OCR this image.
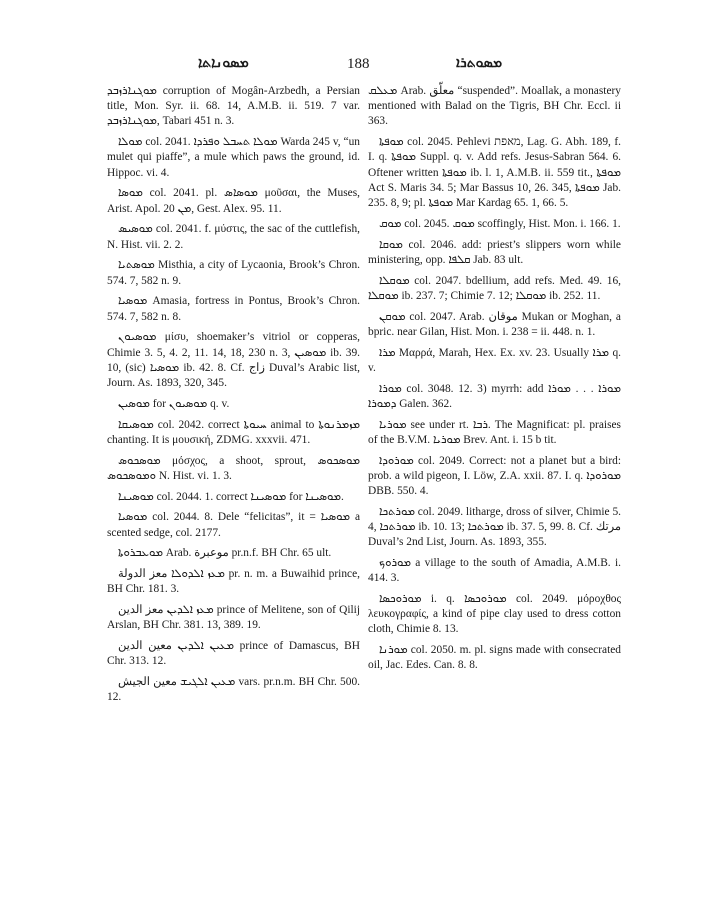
ܡܣܘܢܐܬܐ	188	ܡܣܘܬܪܐ

ܡܘܓܢܐܪܙܒܕ corruption of Mogân-Arzbedh, a Persian title, Mon. Syr. ii. 68. 14, A.M.B. ii. 519. 7 var. ܡܘܓܢܐܪܙܒܕ, Tabari 451 n. 3.

ܡܘܠܐ col. 2041. ܡܘܠܐ ܬܚܒܠ ܘܦܪܕܐ Warda 245 v, “un mulet qui piaffe”, a mule which paws the ground, id. Hippoc. vi. 4.

ܡܘܣܐ col. 2041. pl. ܡܘܣܐܣ μοῦσαι, the Muses, Arist. Apol. ܡܢ 20, Gest. Alex. 95. 11.

ܡܘܣܝܣ col. 2041. f. μύστις, the sac of the cuttlefish, N. Hist. vii. 2. 2.

ܡܘܣܬܝܐ Misthia, a city of Lycaonia, Brook’s Chron. 574. 7, 582 n. 9.

ܡܘܣܝܐ Amasia, fortress in Pontus, Brook’s Chron. 574. 7, 582 n. 8.

ܡܘܣܝܘܢ μίσυ, shoemaker’s vitriol or copperas, Chimie 3. 5, 4. 2, 11. 14, 18, 230 n. 3, ܡܘܣܝܢ ib. 39. 10, (sic) ܡܘܣܝܐ ib. 42. 8. Cf. زاج Duval’s Arabic list, Journ. As. 1893, 320, 345.

ܡܘܣܝܢ for ܡܘܣܝܘܢ q. v.

ܡܘܣܝܩܐ col. 2042. correct ܚܝܘܬܐ animal to ܡܙܡܪܢܘܬܐ chanting. It is μουσική, ZDMG. xxxvii. 471.

ܡܘܣܟܘܣ μόσχος, a shoot, sprout, ܡܘܣܟܘܣ ܘܡܘܣܟܘܣ N. Hist. vi. 1. 3.

ܡܘܣܝܢܐ col. 2044. 1. correct ܡܘܣܝܢܐ for ܡܘܣܝܢܐ.

ܡܘܣܝܐ col. 2044. 8. Dele “felicitas”, it = ܡܘܣܝܐ a scented sedge, col. 2177.

ܡܘܥܒܪܘܬܐ Arab. موعبرة pr.n.f. BH Chr. 65 ult.

ܡܥܙ ܐܠܕܘܠܐ معز الدولة pr. n. m. a Buwaihid prince, BH Chr. 181. 3.

ܡܥܙ ܐܠܕܝܢ معز الدين prince of Melitene, son of Qilij Arslan, BH Chr. 381. 13, 389. 19.

ܡܥܝܢ ܐܠܕܝܢ معين الدين prince of Damascus, BH Chr. 313. 12.

ܡܥܝܢ ܐܠܓܝܫ معين الجيش vars. pr.n.m. BH Chr. 500. 12.

ܡܥܠܩ Arab. معلّق “suspended”. Moallak, a monastery mentioned with Balad on the Tigris, BH Chr. Eccl. ii 363.

ܡܘܦܬܐ col. 2045. Pehlevi מאפת, Lag. G. Abh. 189, f. I. q. ܡܘܦܬܐ Suppl. q. v. Add refs. Jesus-Sabran 564. 6. Oftener written ܡܘܦܬܐ ib. l. 1, A.M.B. ii. 559 tit., ܡܘܦܬܐ Act S. Maris 34. 5; Mar Bassus 10, 26. 345, ܡܘܦܬܐ Jab. 235. 8, 9; pl. ܡܘܦܬܐ Mar Kardag 65. 1, 66. 5.

ܡܘܩ col. 2045. ܡܘܩ scoffingly, Hist. Mon. i. 166. 1.

ܡܘܩܐ col. 2046. add: priest’s slippers worn while ministering, opp. ܩܠܦܐ Jab. 83 ult.

ܡܘܩܠܐ col. 2047. bdellium, add refs. Med. 49. 16, ܡܘܩܠܐ ib. 237. 7; Chimie 7. 12; ܡܘܩܠܐ ib. 252. 11.

ܡܘܩܢ col. 2047. Arab. موقان Mukan or Moghan, a bpric. near Gilan, Hist. Mon. i. 238 = ii. 448. n. 1.

ܡܪܐ Μαρρά, Marah, Hex. Ex. xv. 23. Usually ܡܪܐ q. v.

ܡܘܪܐ col. 3048. 12. 3) myrrh: add ܡܘܪܐ . . . ܡܘܪܐ ܕܡܘܪܐ Galen. 362.

ܡܘܪܝܐ see under rt. ܪܒܐ. The Magnificat: pl. praises of the B.V.M. ܡܘܪܝܐ Brev. Ant. i. 15 b tit.

ܡܘܪܘܕܐ col. 2049. Correct: not a planet but a bird: prob. a wild pigeon, I. Löw, Z.A. xxii. 87. I. q. ܡܘܪܘܕܐ DBB. 550. 4.

ܡܘܪܬܟܐ col. 2049. litharge, dross of silver, Chimie 5. 4, ܡܘܪܬܟܐ ib. 10. 13; ܡܘܪܬܟܐ ib. 37. 5, 99. 8. Cf. مرتك Duval’s 2nd List, Journ. As. 1893, 355.

ܡܘܪܘܟ a village to the south of Amadia, A.M.B. i. 414. 3.

ܡܘܪܘܟܣܐ i. q. ܡܘܪܘܟܣܐ col. 2049. μόροχθος λευκογραφίς, a kind of pipe clay used to dress cotton cloth, Chimie 8. 13.

ܡܘܪܢܐ col. 2050. m. pl. signs made with consecrated oil, Jac. Edes. Can. 8. 8.
